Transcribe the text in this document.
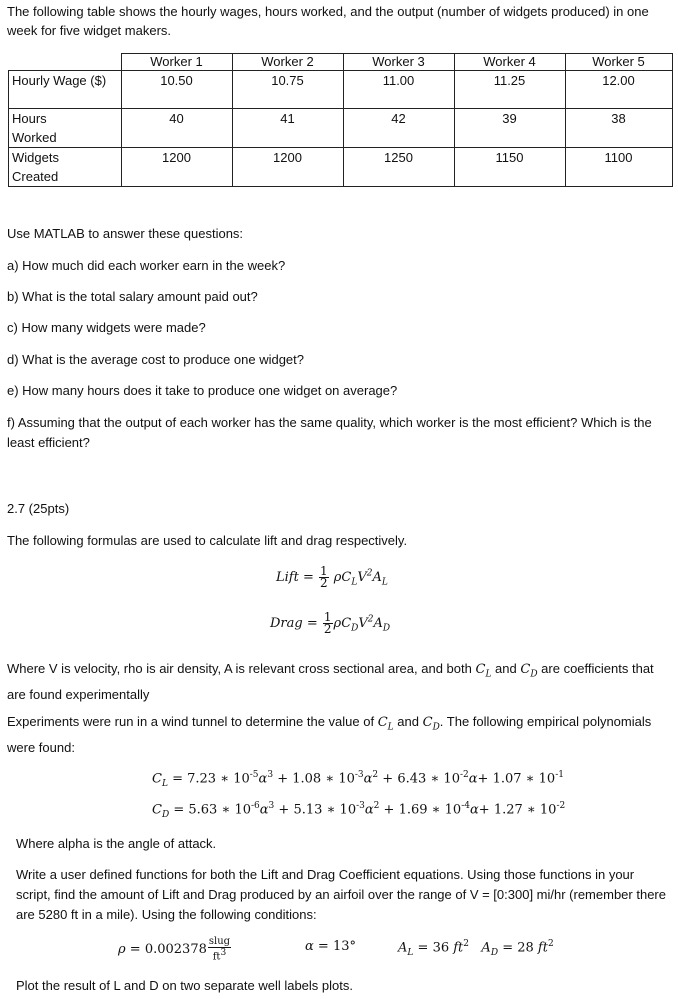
The following table shows the hourly wages, hours worked, and the output (number of widgets produced) in one week for five widget makers.
	Worker 1	Worker 2	Worker 3	Worker 4	Worker 5

Hourly Wage ($)	10.50	10.75	11.00	11.25	12.00

Hours Worked	40	41	42	39	38

Widgets Created	1200	1200	1250	1150	1100
Use MATLAB to answer these questions:
a) How much did each worker earn in the week?
b) What is the total salary amount paid out?
c) How many widgets were made?
d) What is the average cost to produce one widget?
e) How many hours does it take to produce one widget on average?
f) Assuming that the output of each worker has the same quality, which worker is the most efficient? Which is the least efficient?
2.7 (25pts)
The following formulas are used to calculate lift and drag respectively.
Lift = $\frac{1}{2} \rho C_LV^2A_L$
Drag = $\frac{1}{2} \rho C_DV^2A_D$
Where V is velocity, rho is air density, A is relevant cross sectional area, and both $C_L$ and $C_D$ are coefficients that are found experimentally
Experiments were run in a wind tunnel to determine the value of $C_L$ and $C_D$. The following empirical polynomials were found:
$C_L = 7.23$ ∗ $10^{-5}\alpha^3 + 1.08$ ∗ $10^{-3}\alpha^2 + 6.43$ ∗ $10^{-2}\alpha+ 1.07$ ∗ $10^{-1}$
$C_D = 5.63$ ∗ $10^{-6}\alpha^3 + 5.13$ ∗ $10^{-3}\alpha^2 + 1.69$ ∗ $10^{-4}\alpha+ 1.27$ ∗ $10^{-2}$
Where alpha is the angle of attack.
Write a user defined functions for both the Lift and Drag Coefficient equations. Using those functions in your script, find the amount of Lift and Drag produced by an airfoil over the range of V = [0:300] mi/hr (remember there are 5280 ft in a mile). Using the following conditions:
$\rho = 0.002378 \frac{\text{slug}}{ft^3}$	α = 13°	$A_L = 36$ $ft^2$   $A_D = 28$ $ft^2$
Plot the result of L and D on two separate well labels plots.
